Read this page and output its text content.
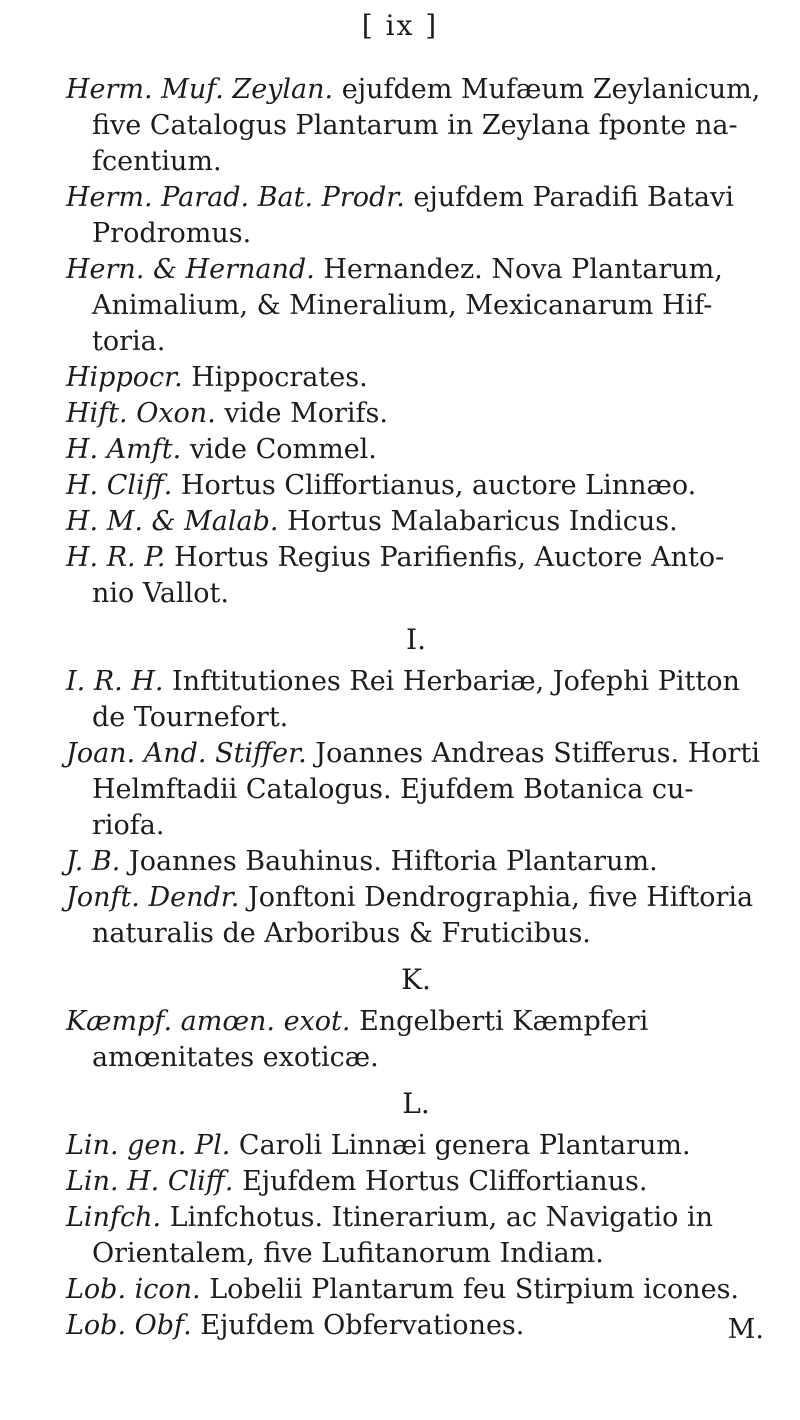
[ ix ]
Herm. Muf. Zeylan. ejufdem Mufæum Zeylanicum, five Catalogus Plantarum in Zeylana fponte na- fcentium.
Herm. Parad. Bat. Prodr. ejufdem Paradifi Batavi Prodromus.
Hern. & Hernand. Hernandez. Nova Plantarum, Animalium, & Mineralium, Mexicanarum Hif- toria.
Hippocr. Hippocrates.
Hift. Oxon. vide Morifs.
H. Amft. vide Commel.
H. Cliff. Hortus Cliffortianus, auctore Linnæo.
H. M. & Malab. Hortus Malabaricus Indicus.
H. R. P. Hortus Regius Parifienfis, Auctore Anto- nio Vallot.
I.
I. R. H. Inftitutiones Rei Herbariæ, Jofephi Pitton de Tournefort.
Joan. And. Stiffer. Joannes Andreas Stifferus. Horti Helmftadii Catalogus. Ejufdem Botanica cu- riofa.
J. B. Joannes Bauhinus. Hiftoria Plantarum.
Jonft. Dendr. Jonftoni Dendrographia, five Hiftoria naturalis de Arboribus & Fruticibus.
K.
Kæmpf. amœn. exot. Engelberti Kæmpferi amœnitates exoticæ.
L.
Lin. gen. Pl. Caroli Linnæi genera Plantarum.
Lin. H. Cliff. Ejufdem Hortus Cliffortianus.
Linfch. Linfchotus. Itinerarium, ac Navigatio in Orientalem, five Lufitanorum Indiam.
Lob. icon. Lobelii Plantarum feu Stirpium icones.
Lob. Obf. Ejufdem Obfervationes.	M.
